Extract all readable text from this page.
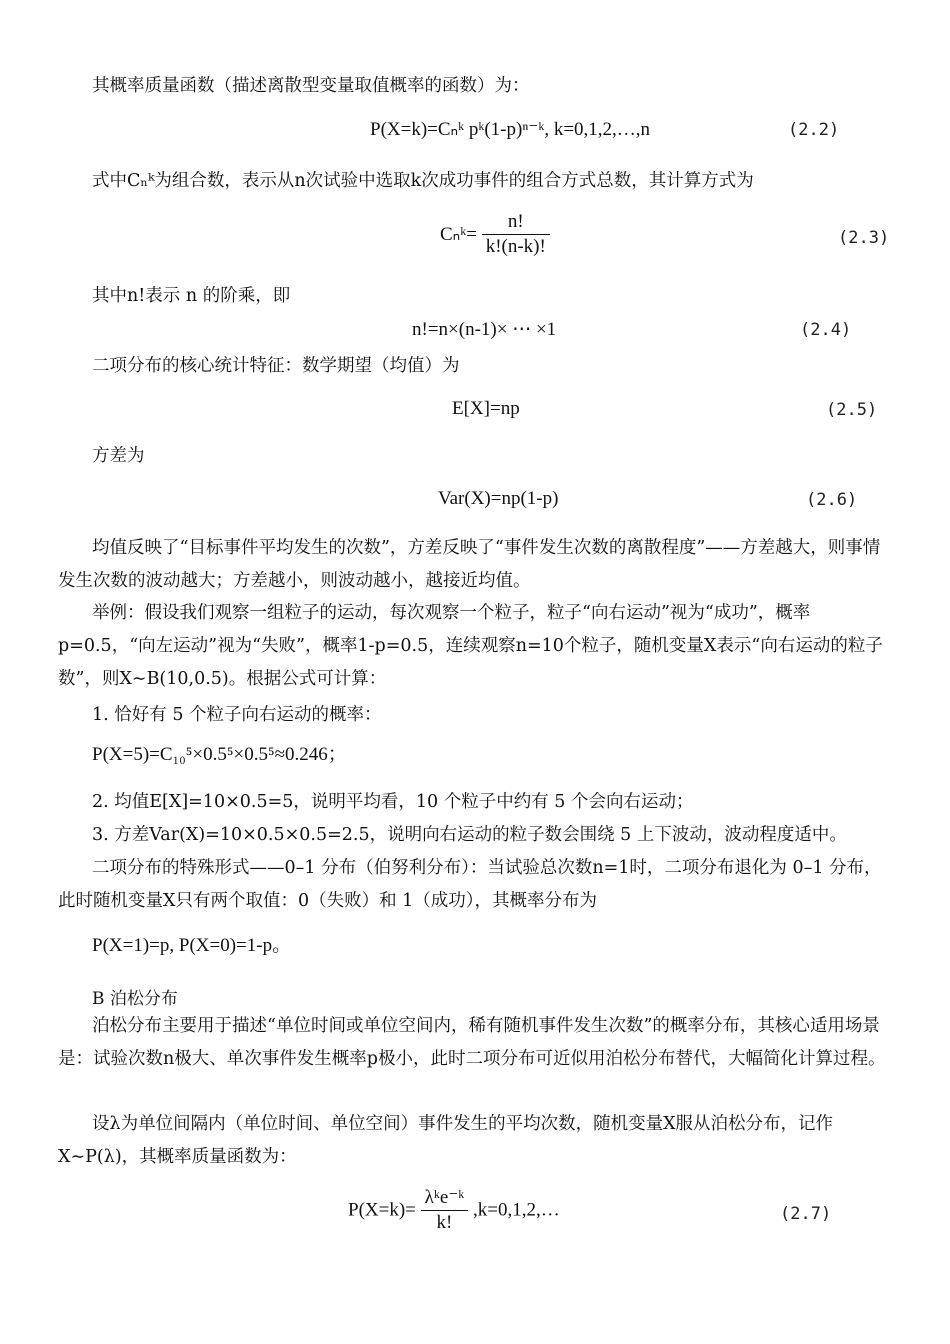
其概率质量函数（描述离散型变量取值概率的函数）为：

P(X=k)=Cₙᵏ pᵏ(1-p)ⁿ⁻ᵏ, k=0,1,2,…,n	(2.2)

式中Cₙᵏ为组合数，表示从n次试验中选取k次成功事件的组合方式总数，其计算方式为

Cₙᵏ= $\frac{n!}{k!(n-k)!}$	(2.3)

其中n!表示 n 的阶乘，即

n!=n×(n-1)× ⋯ ×1	(2.4)

二项分布的核心统计特征：数学期望（均值）为

E[X]=np	(2.5)

方差为

Var(X)=np(1-p)	(2.6)

均值反映了“目标事件平均发生的次数”，方差反映了“事件发生次数的离散程度”——方差越大，则事情发生次数的波动越大；方差越小，则波动越小，越接近均值。

举例：假设我们观察一组粒子的运动，每次观察一个粒子，粒子“向右运动”视为“成功”，概率p=0.5，“向左运动”视为“失败”，概率1-p=0.5，连续观察n=10个粒子，随机变量X表示“向右运动的粒子数”，则X∼B(10,0.5)。根据公式可计算：

1. 恰好有 5 个粒子向右运动的概率：
P(X=5)=C₁₀⁵×0.5⁵×0.5⁵≈0.246；
2. 均值E[X]=10×0.5=5，说明平均看，10 个粒子中约有 5 个会向右运动；
3. 方差Var(X)=10×0.5×0.5=2.5，说明向右运动的粒子数会围绕 5 上下波动，波动程度适中。

二项分布的特殊形式——0–1 分布（伯努利分布）：当试验总次数n=1时，二项分布退化为 0–1 分布，此时随机变量X只有两个取值：0（失败）和 1（成功），其概率分布为

P(X=1)=p, P(X=0)=1-p。
B 泊松分布

泊松分布主要用于描述“单位时间或单位空间内，稀有随机事件发生次数”的概率分布，其核心适用场景是：试验次数n极大、单次事件发生概率p极小，此时二项分布可近似用泊松分布替代，大幅简化计算过程。

设λ为单位间隔内（单位时间、单位空间）事件发生的平均次数，随机变量X服从泊松分布，记作X∼P(λ)，其概率质量函数为：

$P(X=k)= \frac{\text{λᵏe⁻ᵏ}}{k!}$ ,k=0,1,2,…	(2.7)
